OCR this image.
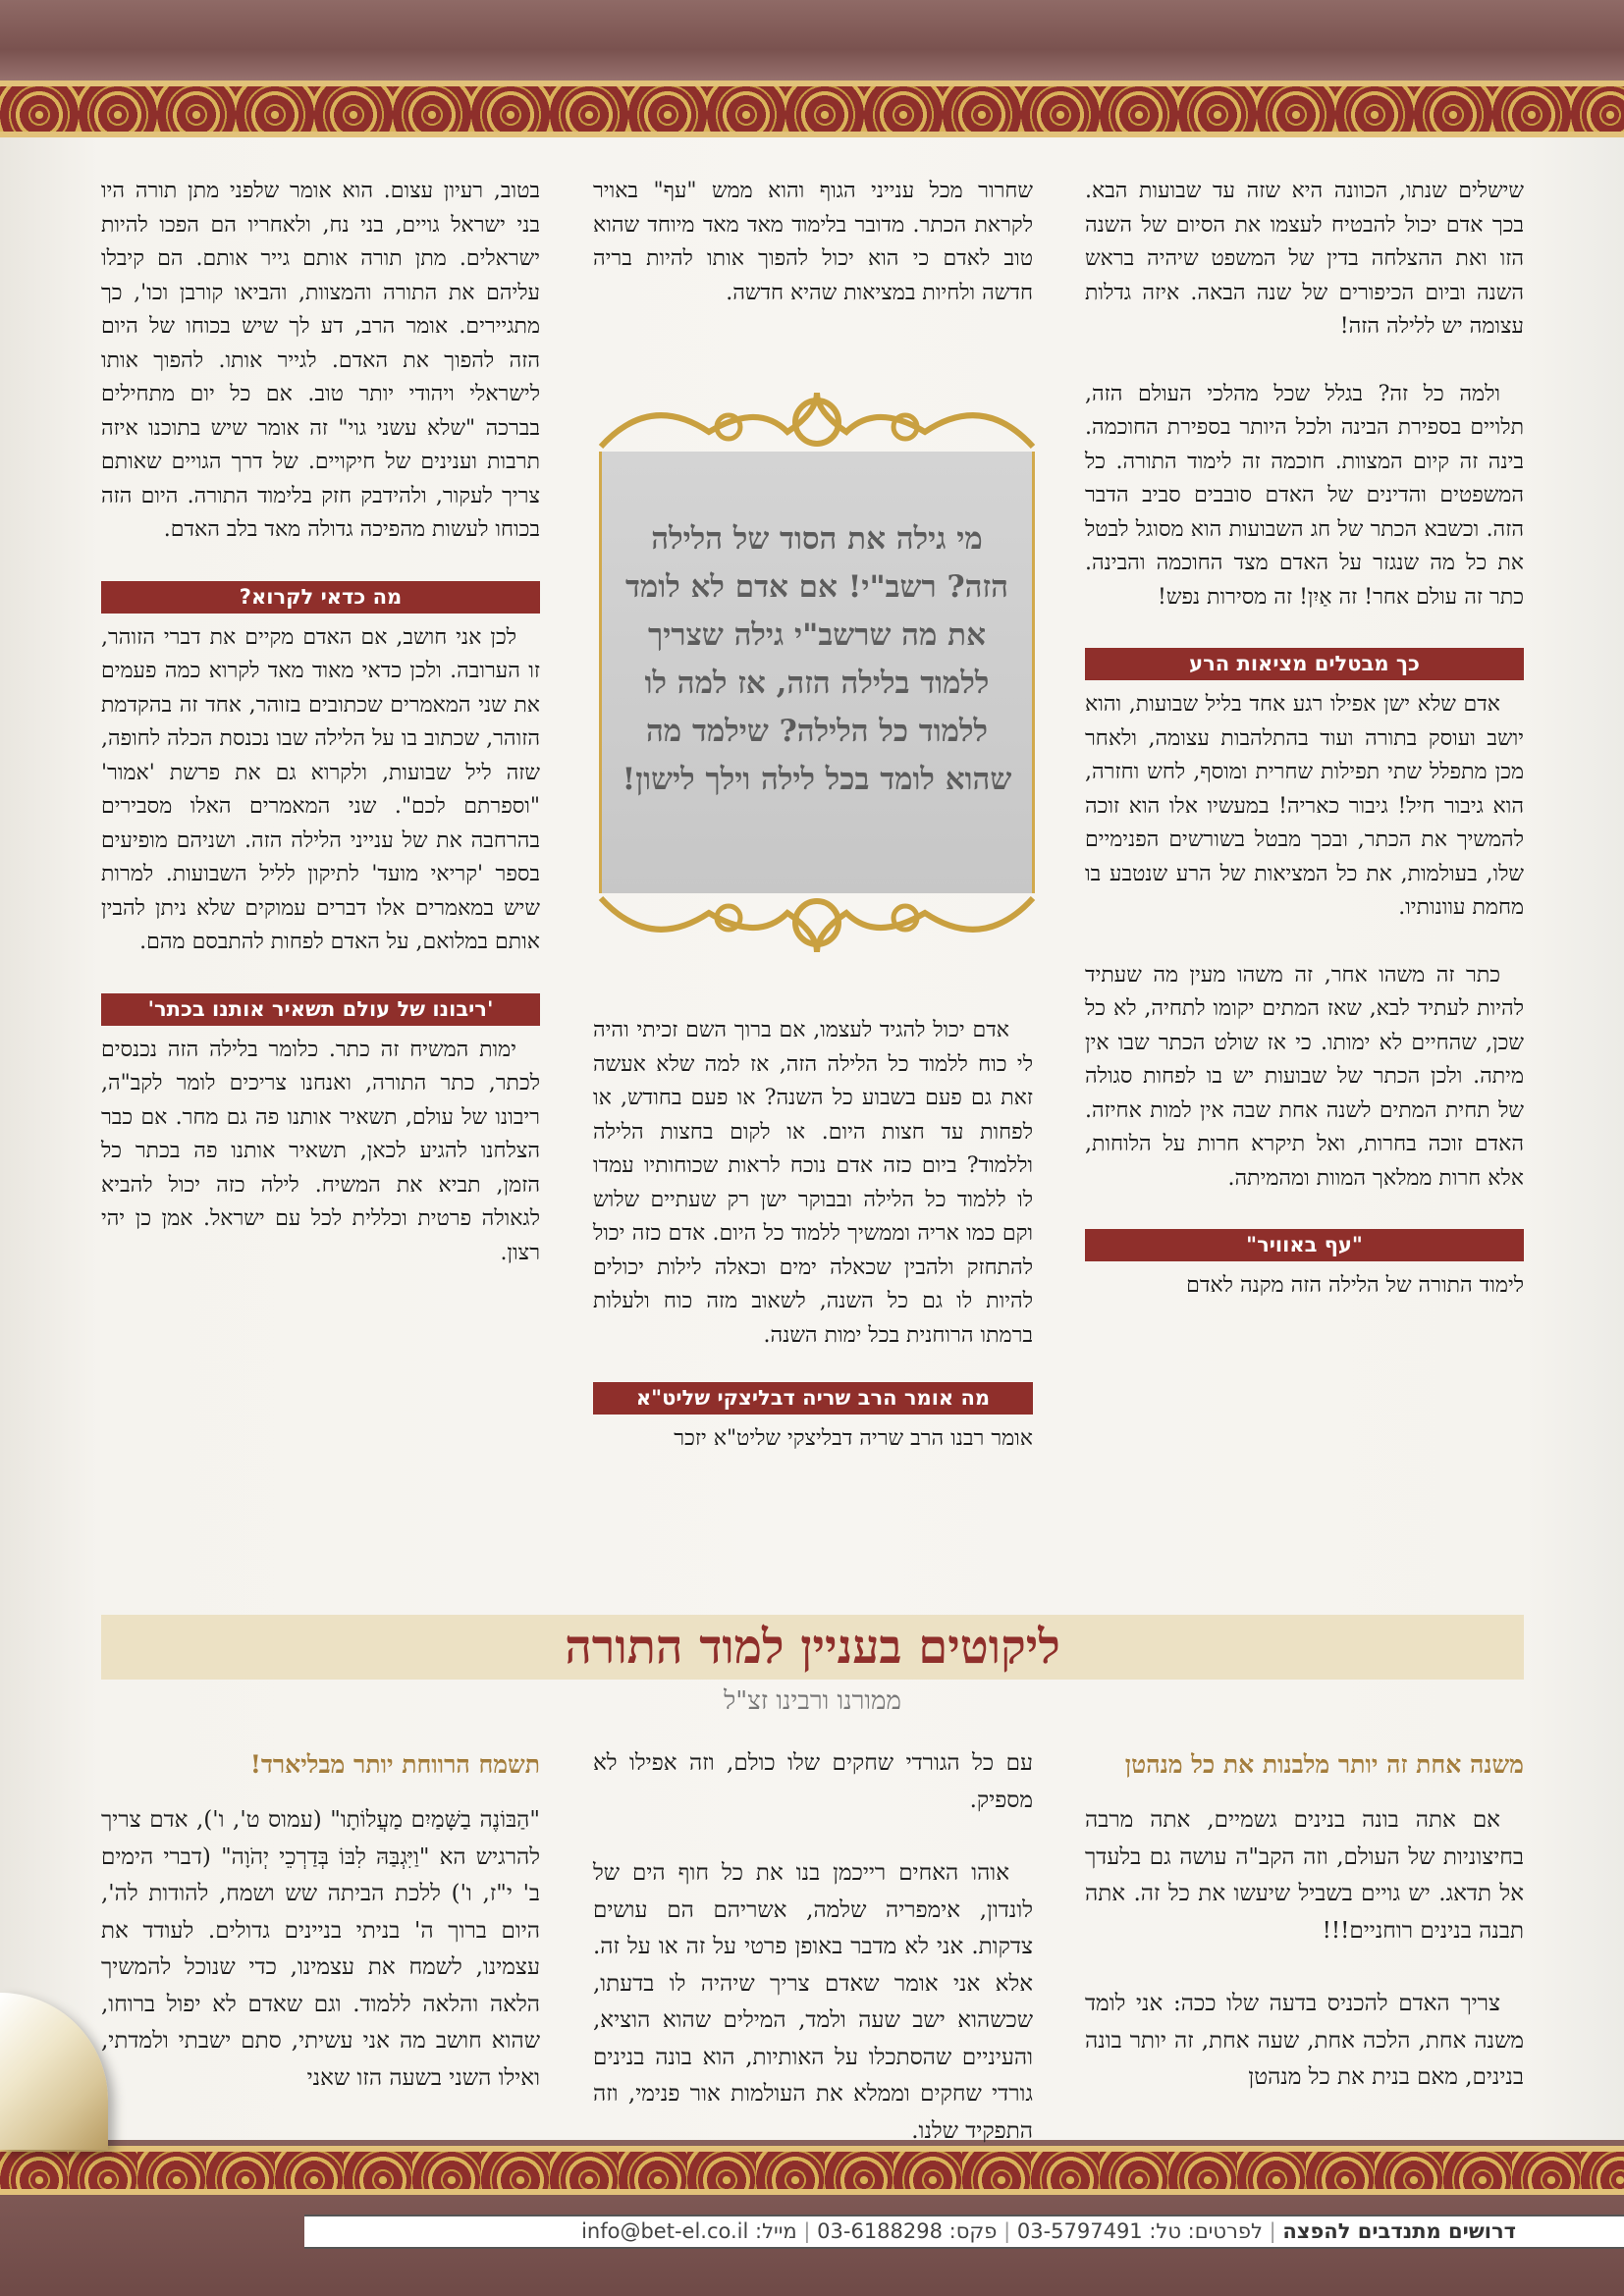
שישלים שנתו, הכוונה היא שזה עד שבועות הבא. בכך אדם יכול להבטיח לעצמו את הסיום של השנה הזו ואת ההצלחה בדין של המשפט שיהיה בראש השנה וביום הכיפורים של שנה הבאה. איזה גדלות עצומה יש ללילה הזה!

ולמה כל זה? בגלל שכל מהלכי העולם הזה, תלויים בספירת הבינה ולכל היותר בספירת החוכמה. בינה זה קיום המצוות. חוכמה זה לימוד התורה. כל המשפטים והדינים של האדם סובבים סביב הדבר הזה. וכשבא הכתר של חג השבועות הוא מסוגל לבטל את כל מה שנגזר על האדם מצד החוכמה והבינה. כתר זה עולם אחר! זה אַיִן! זה מסירות נפש!

כך מבטלים מציאות הרע

אדם שלא ישן אפילו רגע אחד בליל שבועות, והוא יושב ועוסק בתורה ועוד בהתלהבות עצומה, ולאחר מכן מתפלל שתי תפילות שחרית ומוסף, לחש וחזרה, הוא גיבור חיל! גיבור כאריה! במעשיו אלו הוא זוכה להמשיך את הכתר, ובכך מבטל בשורשים הפנימיים שלו, בעולמות, את כל המציאות של הרע שנטבע בו מחמת עוונותיו.

כתר זה משהו אחר, זה משהו מעין מה שעתיד להיות לעתיד לבא, שאז המתים יקומו לתחיה, לא כל שכן, שהחיים לא ימותו. כי אז שולט הכתר שבו אין מיתה. ולכן הכתר של שבועות יש בו לפחות סגולה של תחית המתים לשנה אחת שבה אין למות אחיזה. האדם זוכה בחרות, ואל תיקרא חרות על הלוחות, אלא חרות ממלאך המוות ומהמיתה.

"עף באוויר"

לימוד התורה של הלילה הזה מקנה לאדם

שחרור מכל ענייני הגוף והוא ממש "עף" באויר לקראת הכתר. מדובר בלימוד מאד מאד מיוחד שהוא טוב לאדם כי הוא יכול להפוך אותו להיות בריה חדשה ולחיות במציאות שהיא חדשה.

מי גילה את הסוד של הלילה הזה? רשב"י! אם אדם לא לומד את מה שרשב"י גילה שצריך ללמוד בלילה הזה, אז למה לו ללמוד כל הלילה? שילמד מה שהוא לומד בכל לילה וילך לישון!

אדם יכול להגיד לעצמו, אם ברוך השם זכיתי והיה לי כוח ללמוד כל הלילה הזה, אז למה שלא אעשה זאת גם פעם בשבוע כל השנה? או פעם בחודש, או לפחות עד חצות היום. או לקום בחצות הלילה וללמוד? ביום כזה אדם נוכח לראות שכוחותיו עמדו לו ללמוד כל הלילה ובבוקר ישן רק שעתיים שלוש וקם כמו אריה וממשיך ללמוד כל היום. אדם כזה יכול להתחזק ולהבין שכאלה ימים וכאלה לילות יכולים להיות לו גם כל השנה, לשאוב מזה כוח ולעלות ברמתו הרוחנית בכל ימות השנה.

מה אומר הרב שריה דבליצקי שליט"א

אומר רבנו הרב שריה דבליצקי שליט"א יזכר

בטוב, רעיון עצום. הוא אומר שלפני מתן תורה היו בני ישראל גויים, בני נח, ולאחריו הם הפכו להיות ישראלים. מתן תורה אותם גייר אותם. הם קיבלו עליהם את התורה והמצוות, והביאו קורבן וכו', כך מתגיירים. אומר הרב, דע לך שיש בכוחו של היום הזה להפוך את האדם. לגייר אותו. להפוך אותו לישראלי ויהודי יותר טוב. אם כל יום מתחילים בברכה "שלא עשני גוי" זה אומר שיש בתוכנו איזה תרבות וענינים של חיקויים. של דרך הגויים שאותם צריך לעקור, ולהידבק חזק בלימוד התורה. היום הזה בכוחו לעשות מהפיכה גדולה מאד בלב האדם.

מה כדאי לקרוא?

לכן אני חושב, אם האדם מקיים את דברי הזוהר, זו הערובה. ולכן כדאי מאוד מאד לקרוא כמה פעמים את שני המאמרים שכתובים בזוהר, אחד זה בהקדמת הזוהר, שכתוב בו על הלילה שבו נכנסת הכלה לחופה, שזה ליל שבועות, ולקרוא גם את פרשת 'אמור' "וספרתם לכם". שני המאמרים האלו מסבירים בהרחבה את של ענייני הלילה הזה. ושניהם מופיעים בספר 'קריאי מועד' לתיקון לליל השבועות. למרות שיש במאמרים אלו דברים עמוקים שלא ניתן להבין אותם במלואם, על האדם לפחות להתבסם מהם.

'ריבונו של עולם תשאיר אותנו בכתר'

ימות המשיח זה כתר. כלומר בלילה הזה נכנסים לכתר, כתר התורה, ואנחנו צריכים לומר לקב"ה, ריבונו של עולם, תשאיר אותנו פה גם מחר. אם כבר הצלחנו להגיע לכאן, תשאיר אותנו פה בכתר כל הזמן, תביא את המשיח. לילה כזה יכול להביא לגאולה פרטית וכללית לכל עם ישראל. אמן כן יהי רצון.

ליקוטים בעניין למוד התורה
ממורנו ורבינו זצ"ל
משנה אחת זה יותר מלבנות את כל מנהטן

אם אתה בונה בנינים גשמיים, אתה מרבה בחיצוניות של העולם, וזה הקב"ה עושה גם בלעדך אל תדאג. יש גויים בשביל שיעשו את כל זה. אתה תבנה בנינים רוחניים!!!

צריך האדם להכניס בדעה שלו ככה: אני לומד משנה אחת, הלכה אחת, שעה אחת, זה יותר בונה בנינים, מאם בנית את כל מנהטן

עם כל הגורדי שחקים שלו כולם, וזה אפילו לא מספיק.

אוהו האחים רייכמן בנו את כל חוף הים של לונדון, אימפריה שלמה, אשריהם הם עושים צדקות. אני לא מדבר באופן פרטי על זה או על זה. אלא אני אומר שאדם צריך שיהיה לו בדעתו, שכשהוא ישב שעה ולמד, המילים שהוא הוציא, והעיניים שהסתכלו על האותיות, הוא בונה בנינים גורדי שחקים וממלא את העולמות אור פנימי, וזה התפקיד שלנו.

תשמח הרווחת יותר מבליארד!

"הַבּוֹנֶה בַשָּׁמַיִם מַעֲלוֹתָו" (עמוס ט', ו'), אדם צריך להרגיש הא "וַיִּגְבַּהּ לִבּוֹ בְּדַרְכֵי יְהֹוָה" (דברי הימים ב' י"ז, ו') ללכת הביתה שש ושמח, להודות לה', היום ברוך ה' בניתי בניינים גדולים. לעודד את עצמינו, לשמח את עצמינו, כדי שנוכל להמשיך הלאה והלאה ללמוד. וגם שאדם לא יפול ברוחו, שהוא חושב מה אני עשיתי, סתם ישבתי ולמדתי, ואילו השני בשעה הזו שאני

דרושים מתנדבים להפצה | לפרטים: טל: 03-5797491 | פקס: 03-6188298 | מייל: info@bet-el.co.il
